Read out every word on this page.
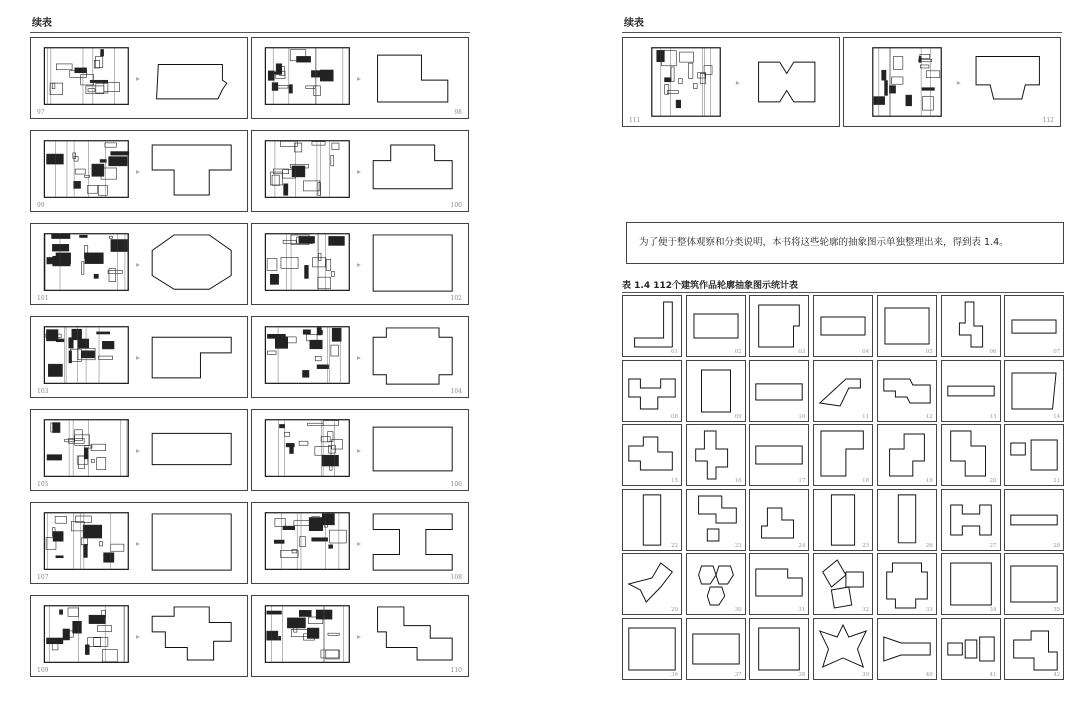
续表	续表
97	98
99	100
101	102
103	104
105	106
107	108
109	110
111	112
为了便于整体观察和分类说明，本书将这些轮廓的抽象图示单独整理出来，得到表 1.4。
表 1.4 112个建筑作品轮廓抽象图示统计表
01	02	03	04	05	06	07
08	09	10	11	12	13	14
15	16	17	18	19	20	21
22	23	24	25	26	27	28
29	30	31	32	33	34	35
36	37	38	39	40	41	42
